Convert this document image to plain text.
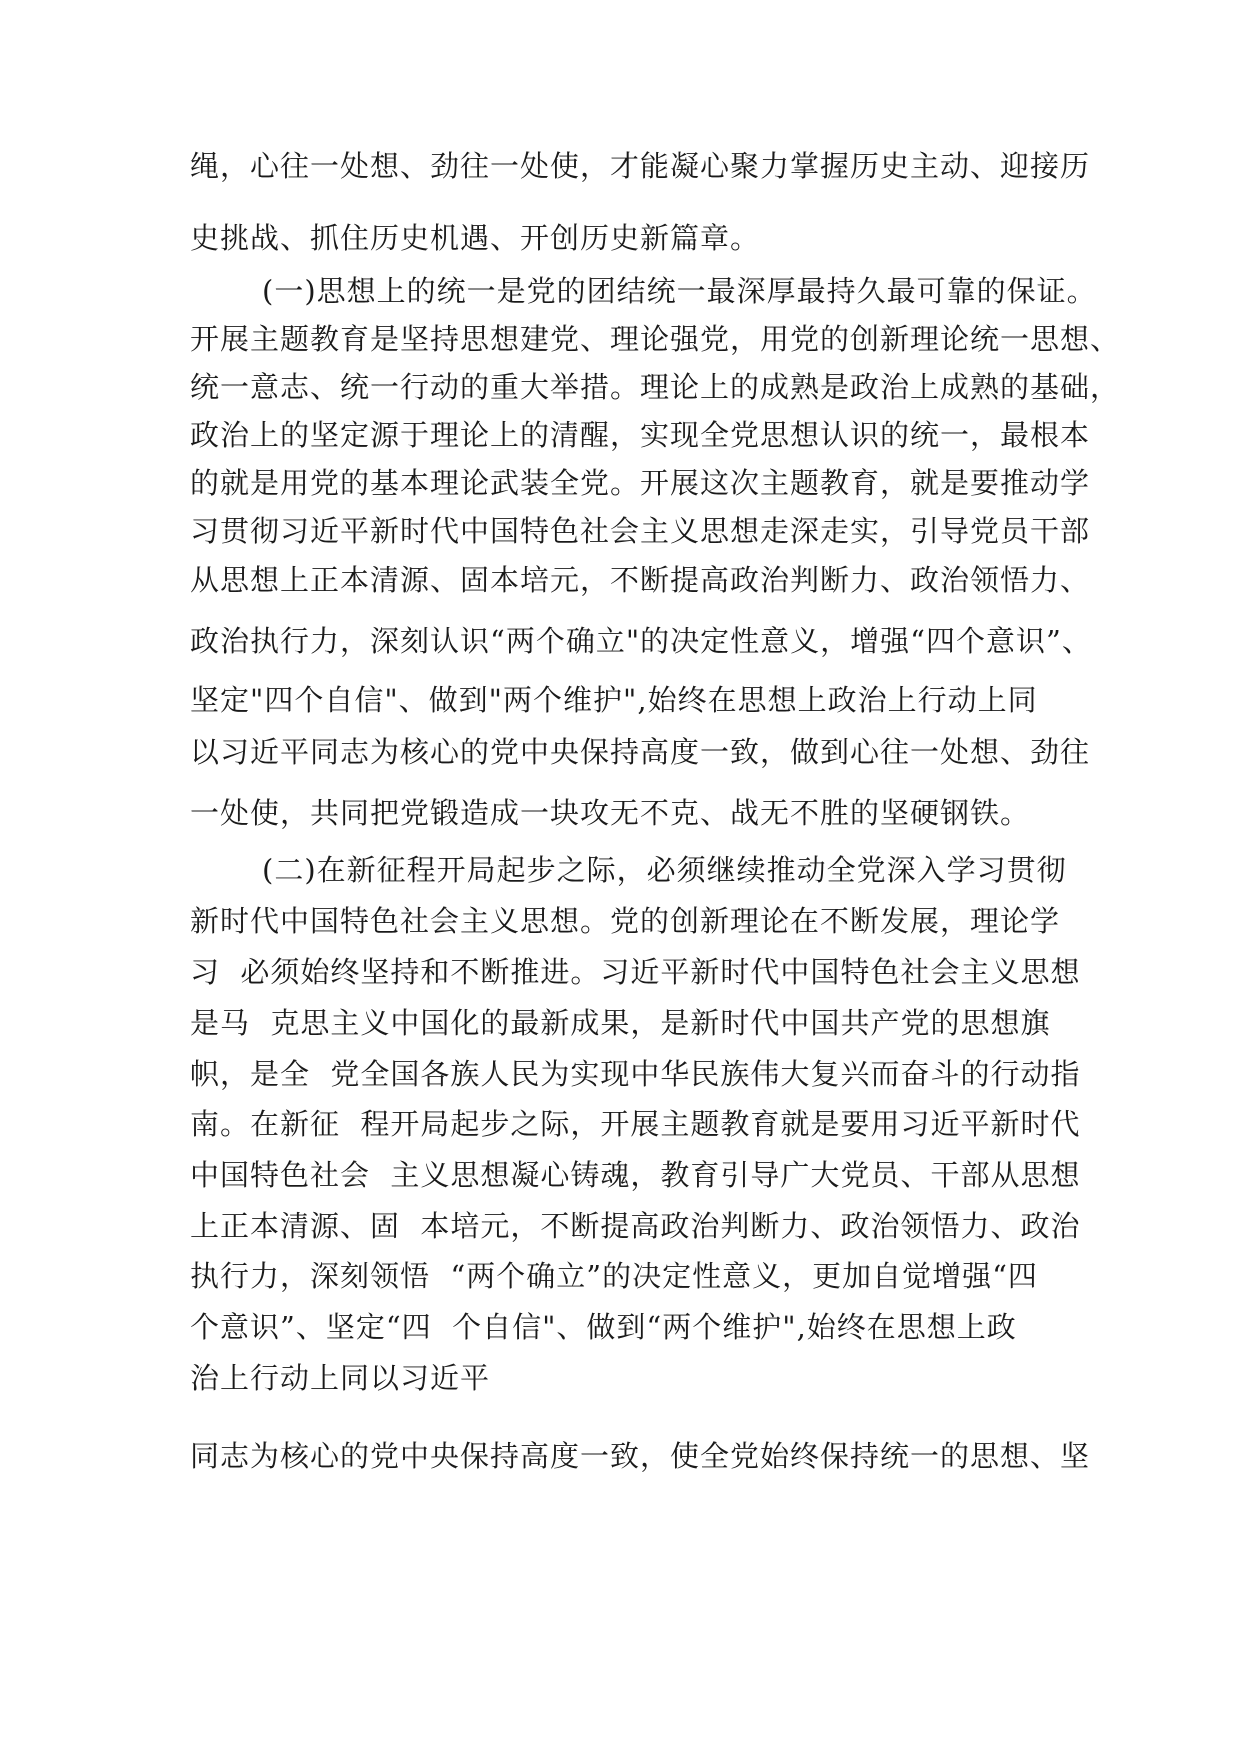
绳，心往一处想、劲往一处使，才能凝心聚力掌握历史主动、迎接历
史挑战、抓住历史机遇、开创历史新篇章。
(一)思想上的统一是党的团结统一最深厚最持久最可靠的保证。
开展主题教育是坚持思想建党、理论强党，用党的创新理论统一思想、
统一意志、统一行动的重大举措。理论上的成熟是政治上成熟的基础，
政治上的坚定源于理论上的清醒，实现全党思想认识的统一，最根本
的就是用党的基本理论武装全党。开展这次主题教育，就是要推动学
习贯彻习近平新时代中国特色社会主义思想走深走实，引导党员干部
从思想上正本清源、固本培元，不断提高政治判断力、政治领悟力、
政治执行力，深刻认识“两个确立"的决定性意义，增强“四个意识”、
坚定"四个自信"、做到"两个维护",始终在思想上政治上行动上同
以习近平同志为核心的党中央保持高度一致，做到心往一处想、劲往
一处使，共同把党锻造成一块攻无不克、战无不胜的坚硬钢铁。
(二)在新征程开局起步之际，必须继续推动全党深入学习贯彻
新时代中国特色社会主义思想。党的创新理论在不断发展，理论学
习  必须始终坚持和不断推进。习近平新时代中国特色社会主义思想
是马  克思主义中国化的最新成果，是新时代中国共产党的思想旗
帜，是全  党全国各族人民为实现中华民族伟大复兴而奋斗的行动指
南。在新征  程开局起步之际，开展主题教育就是要用习近平新时代
中国特色社会  主义思想凝心铸魂，教育引导广大党员、干部从思想
上正本清源、固  本培元，不断提高政治判断力、政治领悟力、政治
执行力，深刻领悟  “两个确立”的决定性意义，更加自觉增强“四
个意识”、坚定“四  个自信"、做到“两个维护",始终在思想上政
治上行动上同以习近平
同志为核心的党中央保持高度一致，使全党始终保持统一的思想、坚
